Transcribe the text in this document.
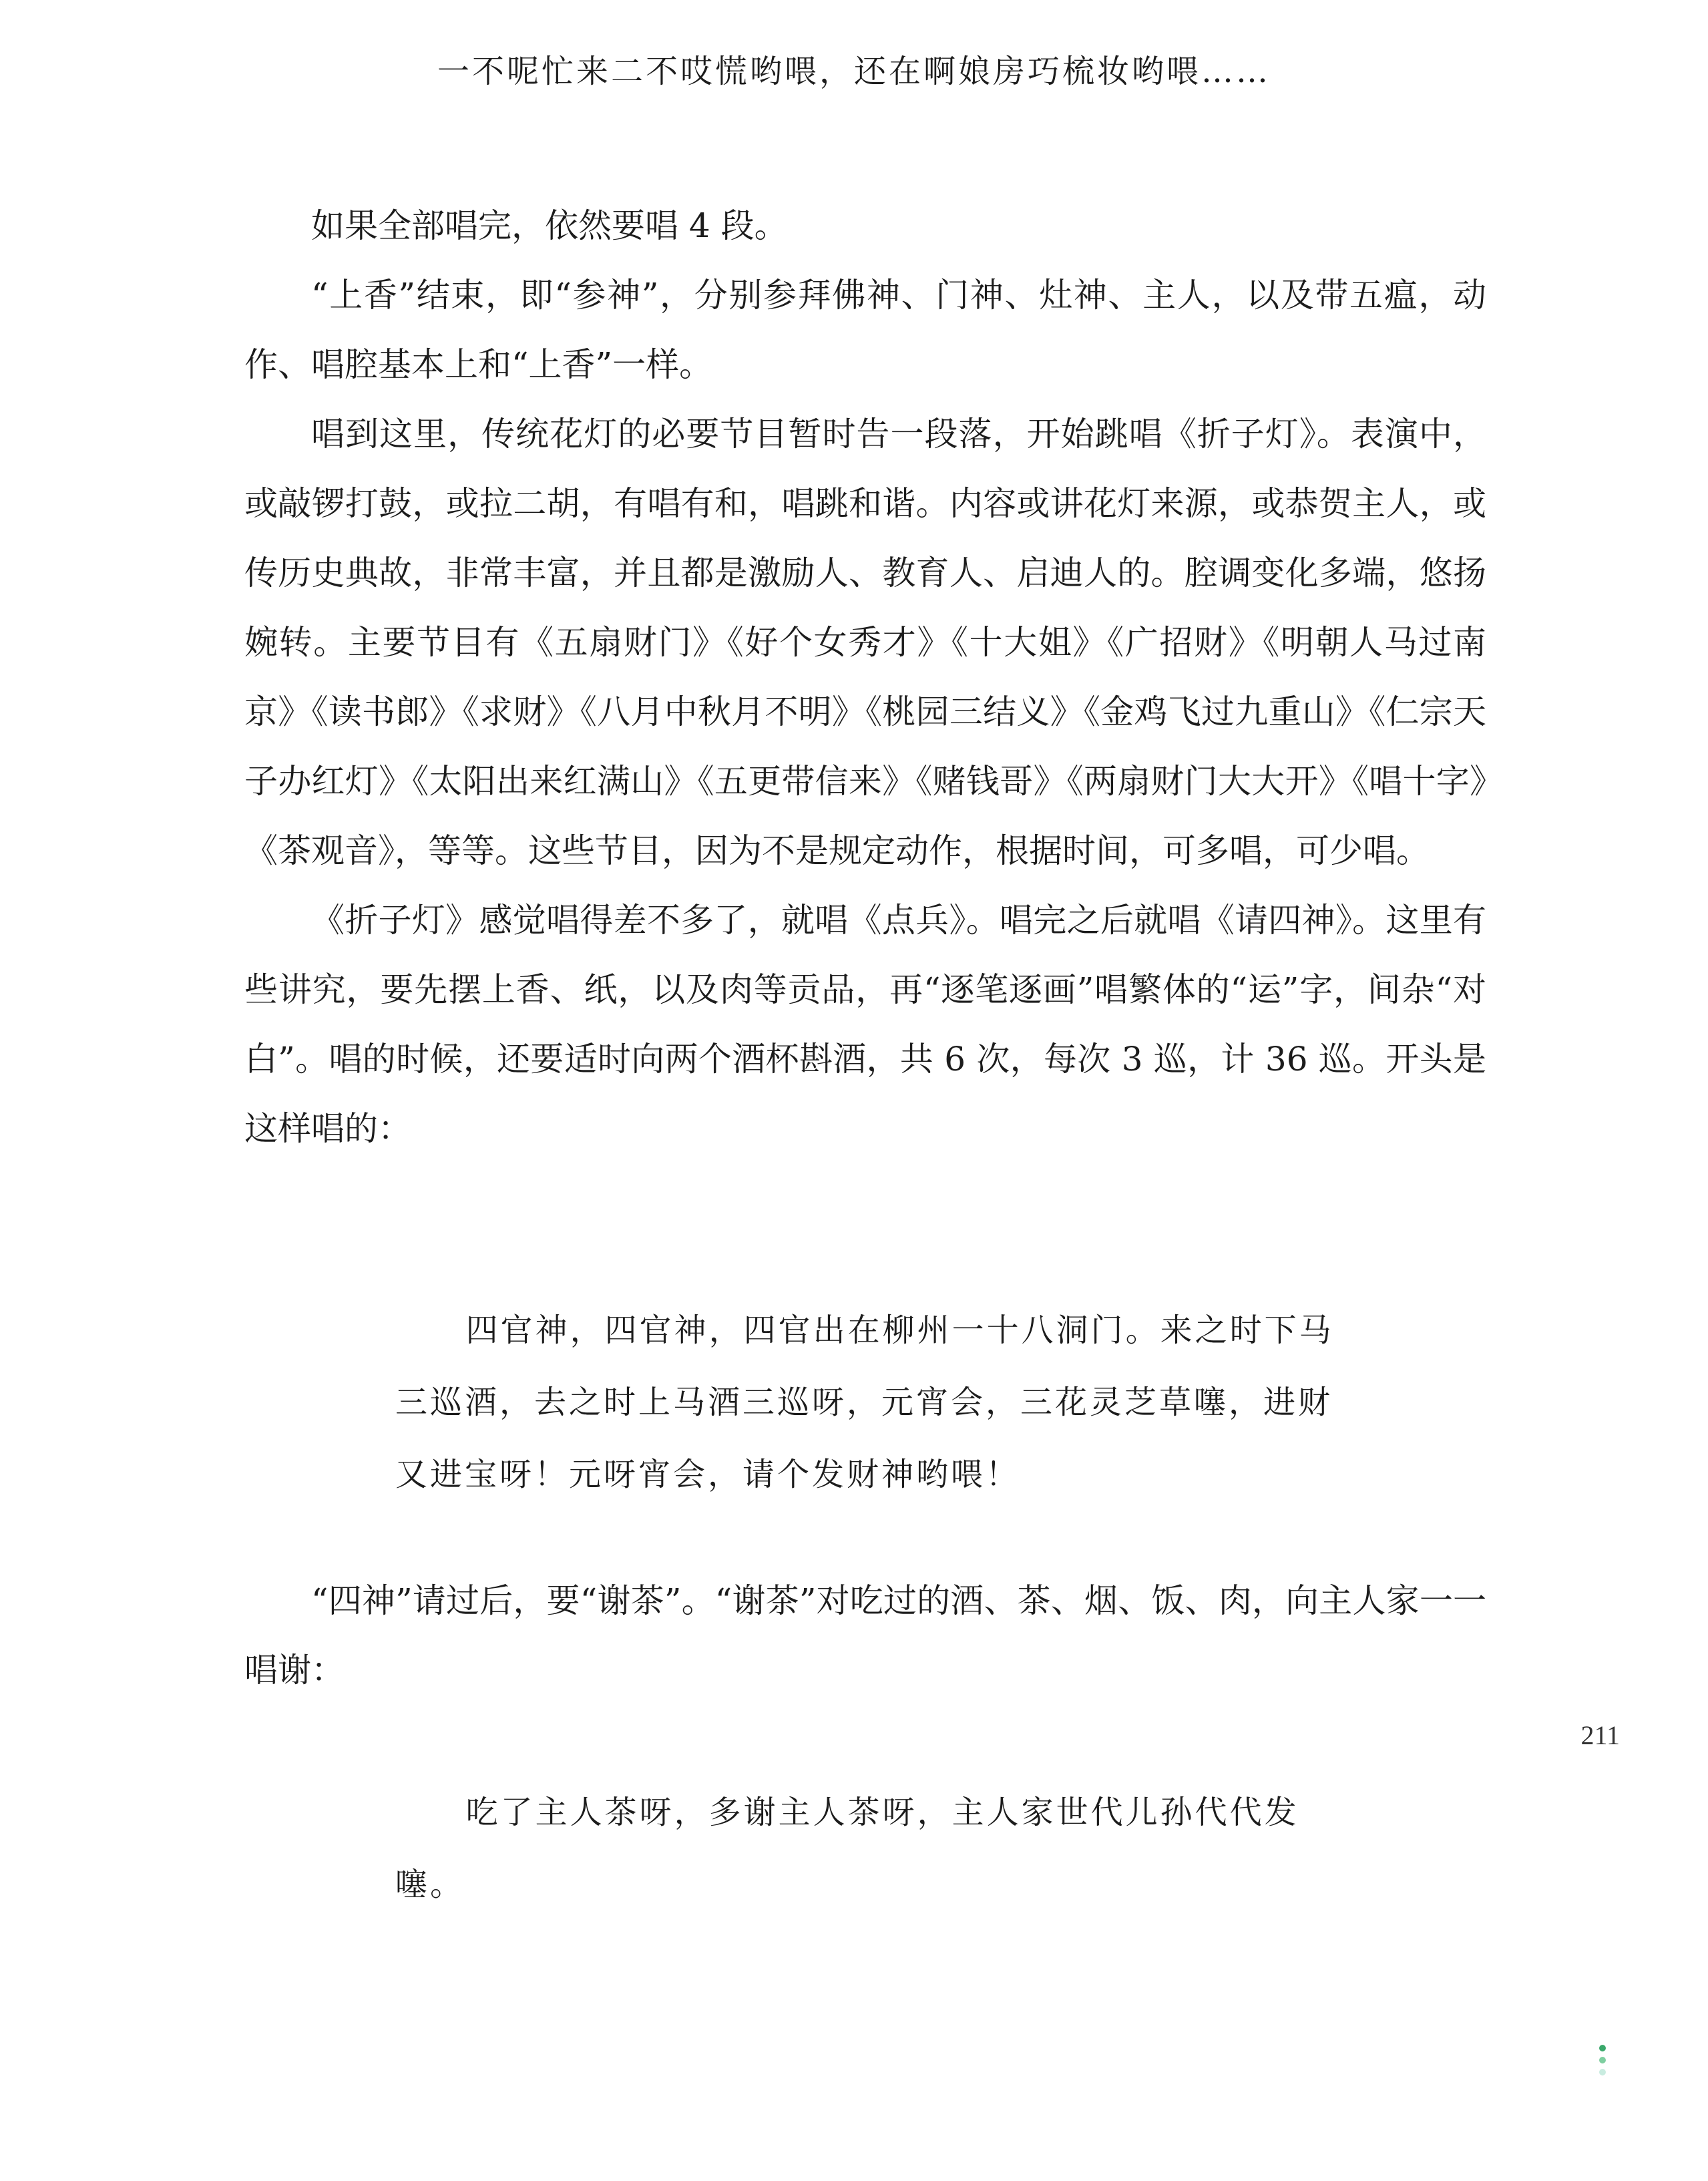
一不呢忙来二不哎慌哟喂，还在啊娘房巧梳妆哟喂……

如果全部唱完，依然要唱 4 段。

“上香”结束，即“参神”，分别参拜佛神、门神、灶神、主人，以及带五瘟，动作、唱腔基本上和“上香”一样。

唱到这里，传统花灯的必要节目暂时告一段落，开始跳唱《折子灯》。表演中，或敲锣打鼓，或拉二胡，有唱有和，唱跳和谐。内容或讲花灯来源，或恭贺主人，或传历史典故，非常丰富，并且都是激励人、教育人、启迪人的。腔调变化多端，悠扬婉转。主要节目有《五扇财门》《好个女秀才》《十大姐》《广招财》《明朝人马过南京》《读书郎》《求财》《八月中秋月不明》《桃园三结义》《金鸡飞过九重山》《仁宗天子办红灯》《太阳出来红满山》《五更带信来》《赌钱哥》《两扇财门大大开》《唱十字》《茶观音》，等等。这些节目，因为不是规定动作，根据时间，可多唱，可少唱。

《折子灯》感觉唱得差不多了，就唱《点兵》。唱完之后就唱《请四神》。这里有些讲究，要先摆上香、纸，以及肉等贡品，再“逐笔逐画”唱繁体的“运”字，间杂“对白”。唱的时候，还要适时向两个酒杯斟酒，共 6 次，每次 3 巡，计 36 巡。开头是这样唱的：

四官神，四官神，四官出在柳州一十八洞门。来之时下马三巡酒，去之时上马酒三巡呀，元宵会，三花灵芝草噻，进财又进宝呀！元呀宵会，请个发财神哟喂！

“四神”请过后，要“谢茶”。“谢茶”对吃过的酒、茶、烟、饭、肉，向主人家一一唱谢：

吃了主人茶呀，多谢主人茶呀，主人家世代儿孙代代发噻。

211
